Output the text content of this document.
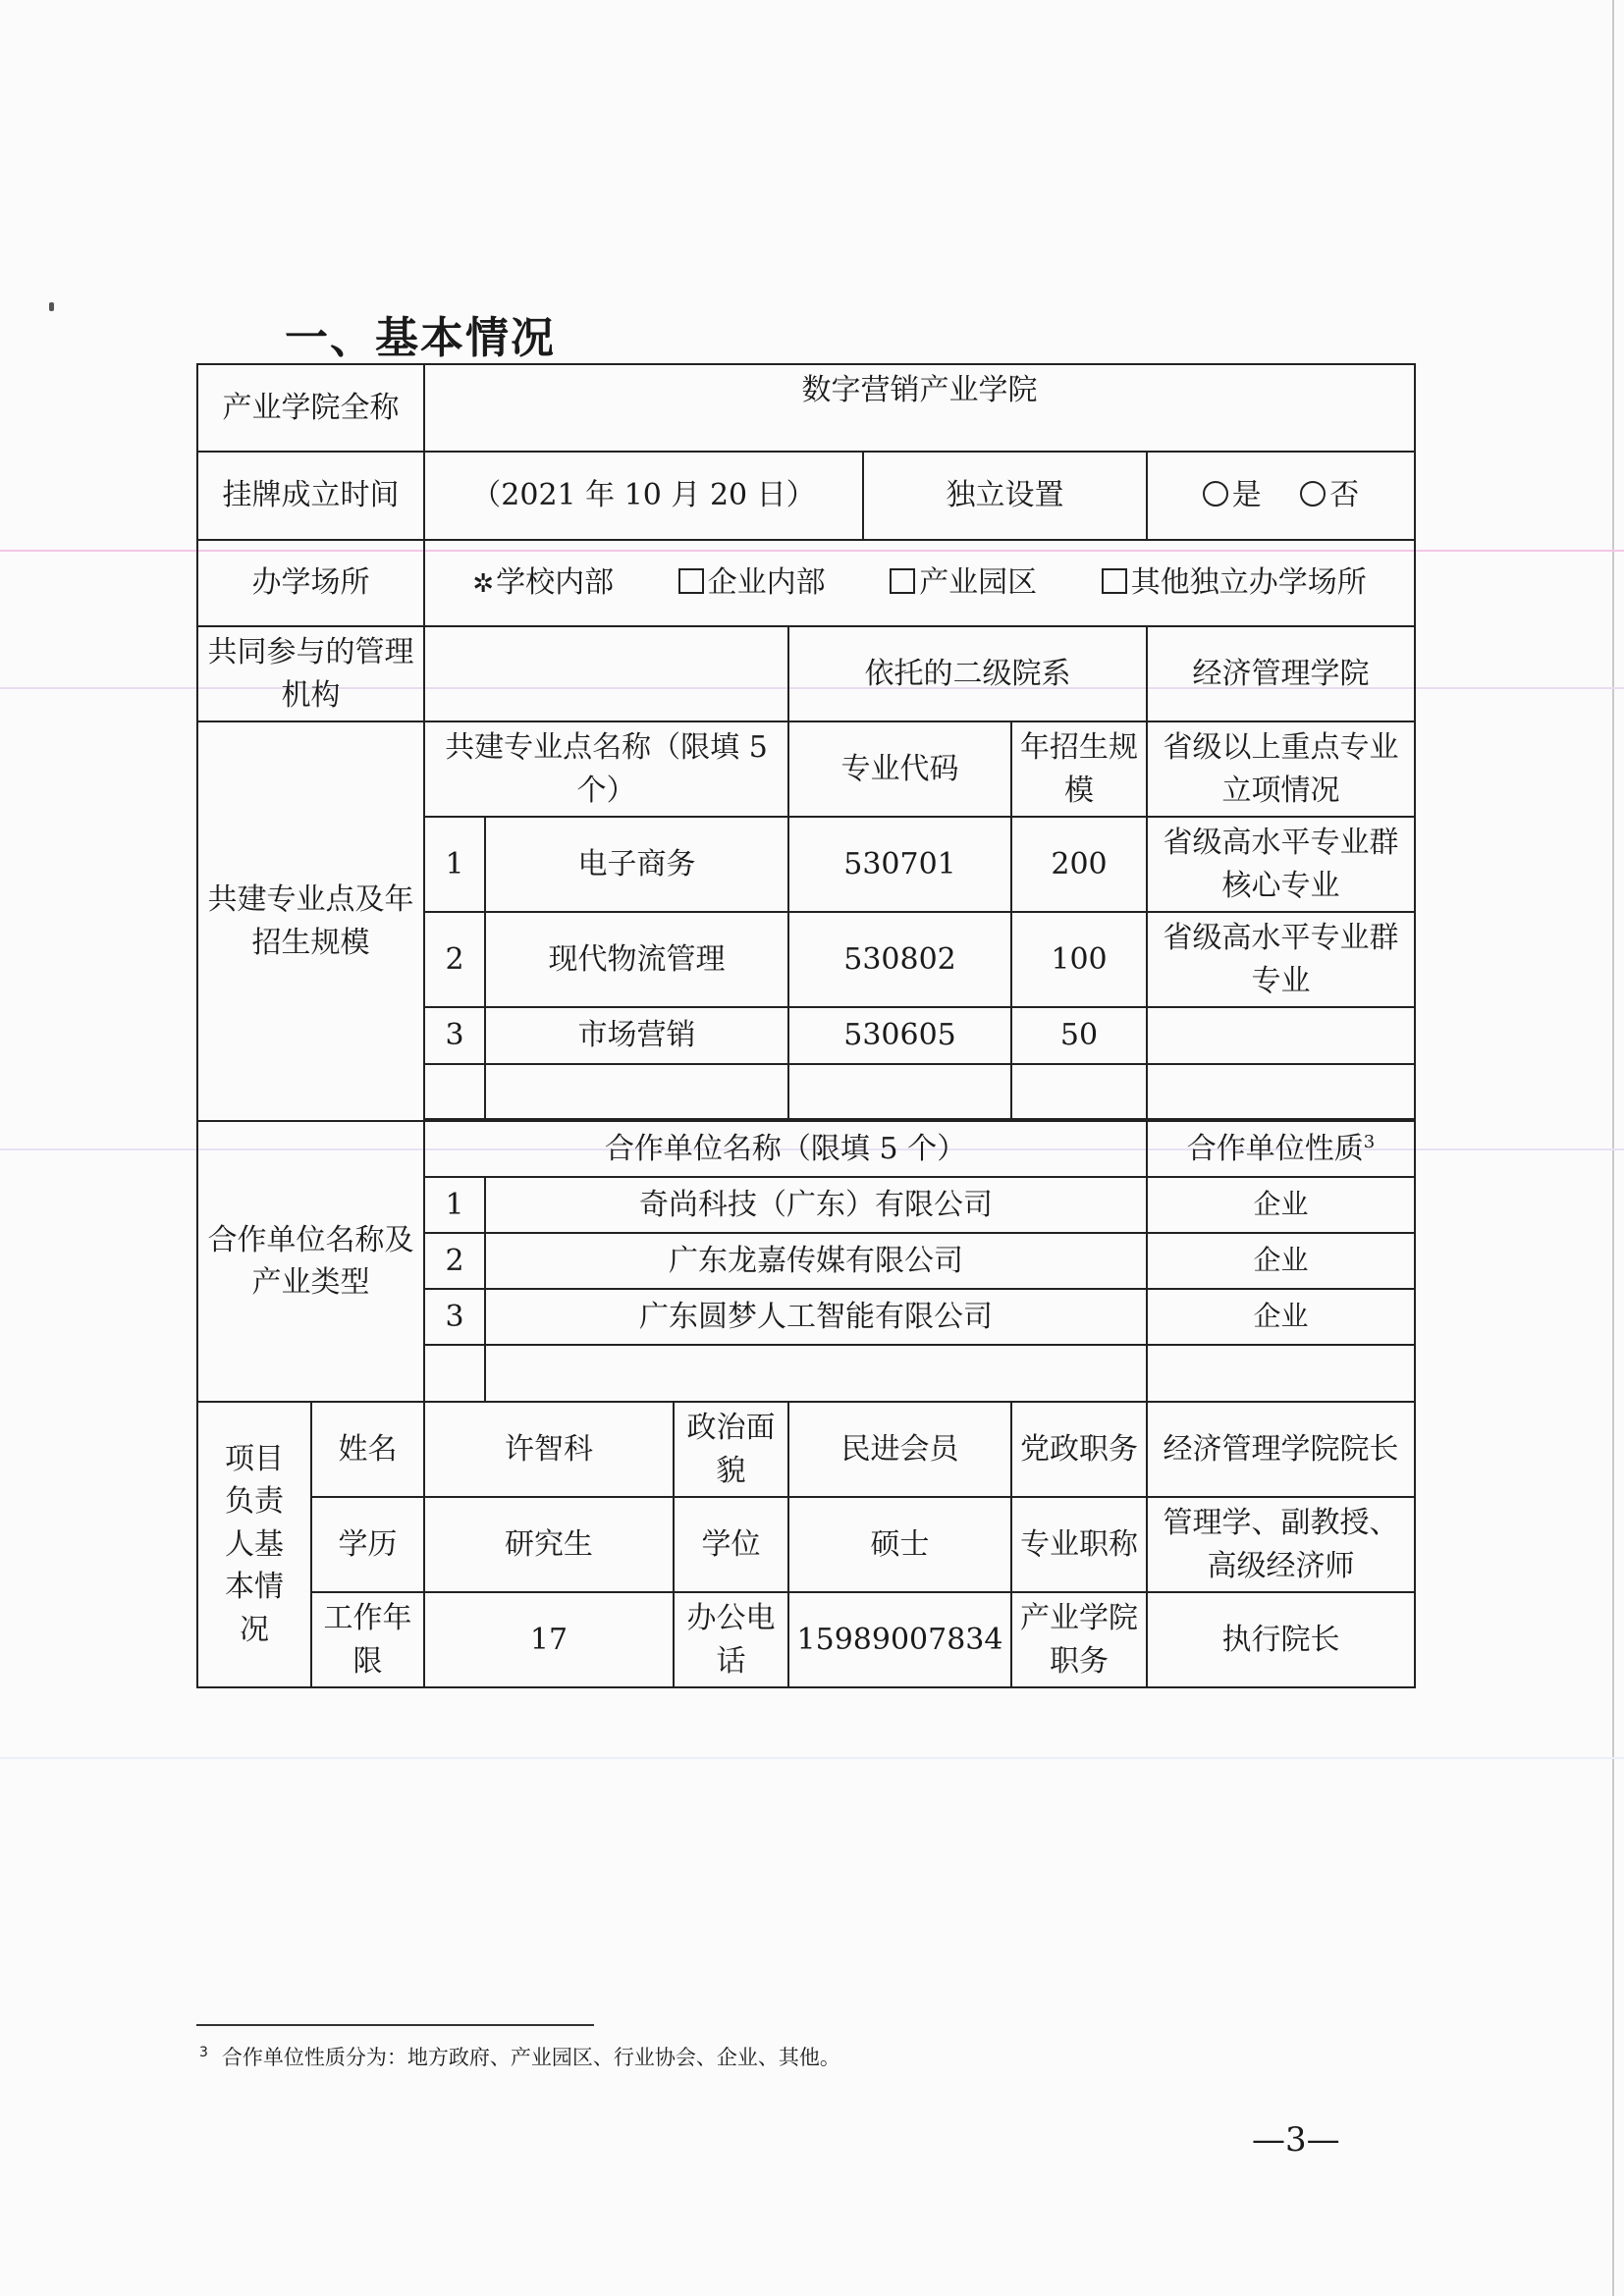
一、基本情况
产业学院全称		数字营销产业学院						
挂牌成立时间		（2021 年 10 月 20 日）				独立设置		是 否
办学场所		✲学校内部 企业内部 产业园区 其他独立办学场所						
共同参与的管理机构					依托的二级院系			经济管理学院
共建专业点及年招生规模		共建专业点名称（限填 5 个）			专业代码		年招生规模	省级以上重点专业立项情况
		1	电子商务		530701		200	省级高水平专业群核心专业
		2	现代物流管理		530802		100	省级高水平专业群专业
		3	市场营销		530605		50	

合作单位名称及产业类型		合作单位名称（限填 5 个）						合作单位性质$^3$
		1	奇尚科技（广东）有限公司					企业
		2	广东龙嘉传媒有限公司					企业
		3	广东圆梦人工智能有限公司					企业

项目负责人基本情况	姓名	许智科		政治面貌	民进会员		党政职务	经济管理学院院长
	学历	研究生		学位	硕士		专业职称	管理学、副教授、高级经济师
	工作年限	17		办公电话	15989007834		产业学院职务	执行院长
$^3$ 合作单位性质分为：地方政府、产业园区、行业协会、企业、其他。
—3—
